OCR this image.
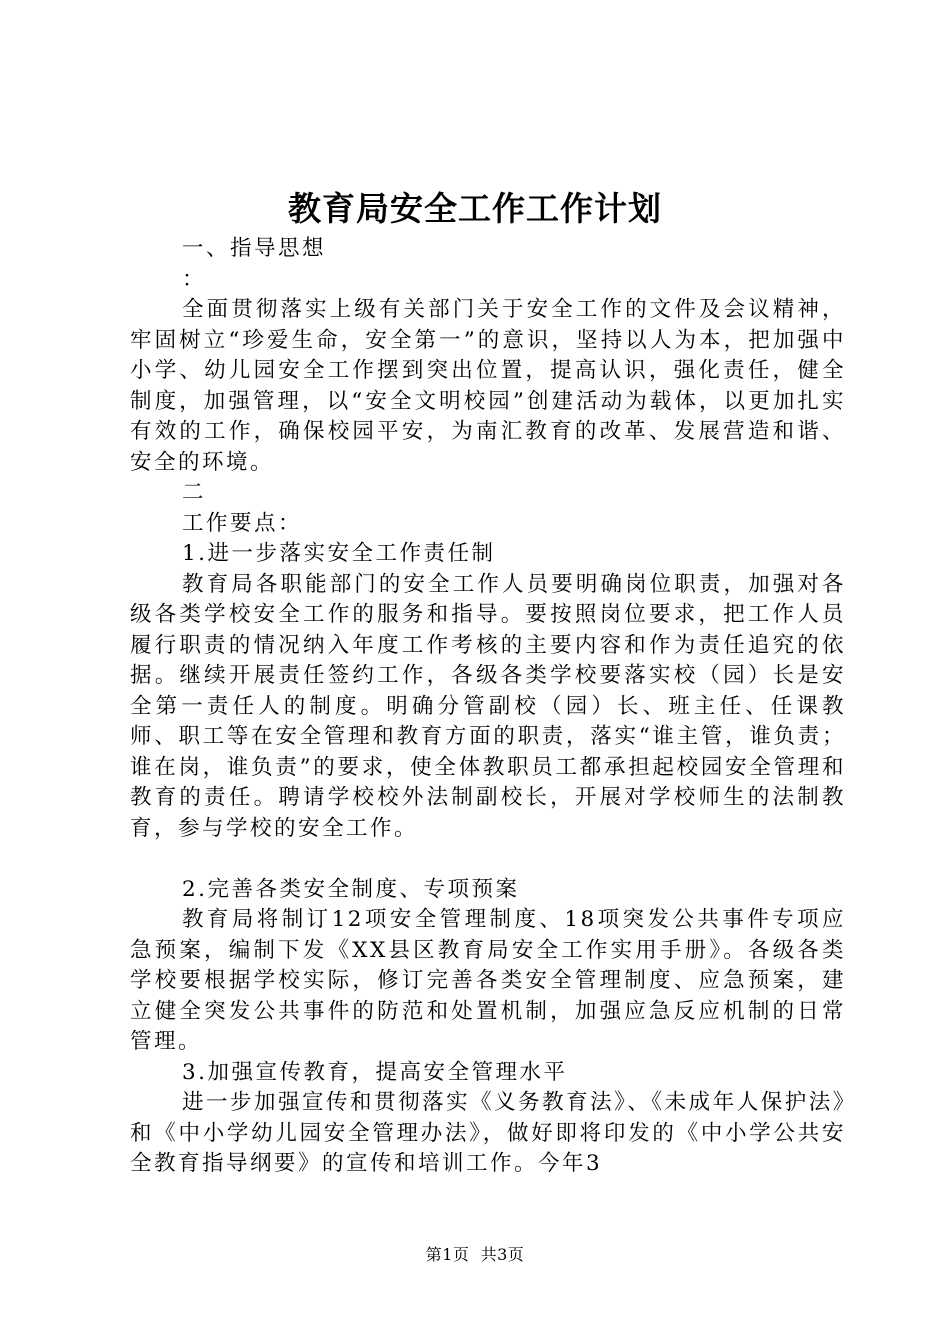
教育局安全工作工作计划

一、指导思想

：

全面贯彻落实上级有关部门关于安全工作的文件及会议精神，牢固树立“珍爱生命，安全第一”的意识，坚持以人为本，把加强中小学、幼儿园安全工作摆到突出位置，提高认识，强化责任，健全制度，加强管理，以“安全文明校园”创建活动为载体，以更加扎实有效的工作，确保校园平安，为南汇教育的改革、发展营造和谐、安全的环境。

二

工作要点：

1.进一步落实安全工作责任制

教育局各职能部门的安全工作人员要明确岗位职责，加强对各级各类学校安全工作的服务和指导。要按照岗位要求，把工作人员履行职责的情况纳入年度工作考核的主要内容和作为责任追究的依据。继续开展责任签约工作，各级各类学校要落实校（园）长是安全第一责任人的制度。明确分管副校（园）长、班主任、任课教师、职工等在安全管理和教育方面的职责，落实“谁主管，谁负责；谁在岗，谁负责”的要求，使全体教职员工都承担起校园安全管理和教育的责任。聘请学校校外法制副校长，开展对学校师生的法制教育，参与学校的安全工作。

2.完善各类安全制度、专项预案

教育局将制订12项安全管理制度、18项突发公共事件专项应急预案，编制下发《XX县区教育局安全工作实用手册》。各级各类学校要根据学校实际，修订完善各类安全管理制度、应急预案，建立健全突发公共事件的防范和处置机制，加强应急反应机制的日常管理。

3.加强宣传教育，提高安全管理水平

进一步加强宣传和贯彻落实《义务教育法》、《未成年人保护法》和《中小学幼儿园安全管理办法》，做好即将印发的《中小学公共安全教育指导纲要》的宣传和培训工作。今年3

第1页  共3页
